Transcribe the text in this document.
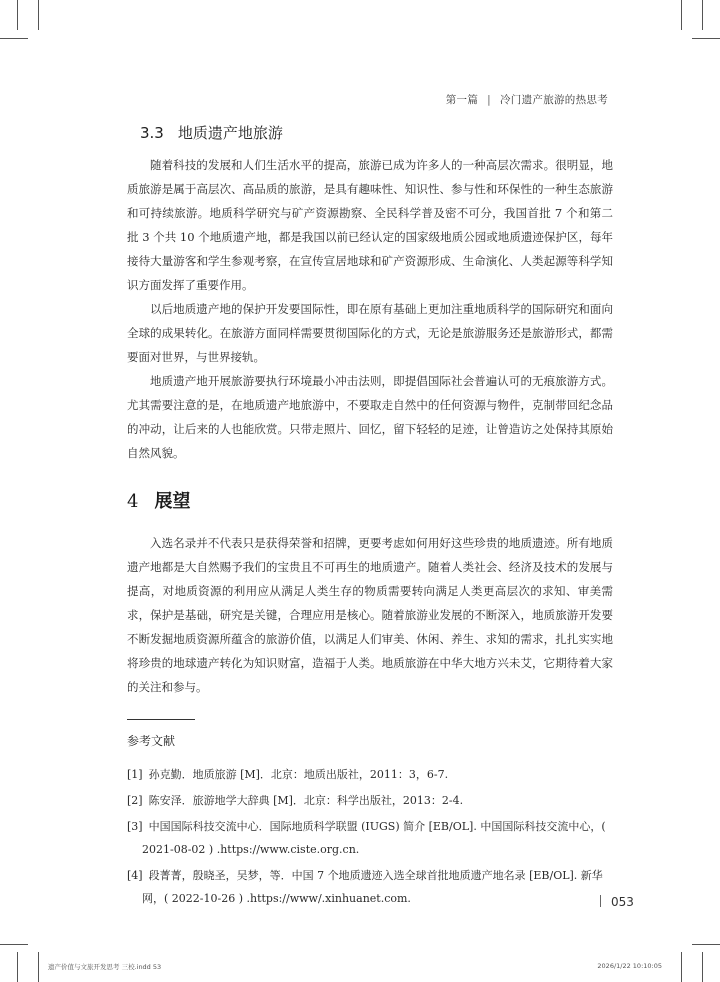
第一篇 | 冷门遗产旅游的热思考
3.3 地质遗产地旅游

随着科技的发展和人们生活水平的提高，旅游已成为许多人的一种高层次需求。很明显，地质旅游是属于高层次、高品质的旅游，是具有趣味性、知识性、参与性和环保性的一种生态旅游和可持续旅游。地质科学研究与矿产资源勘察、全民科学普及密不可分，我国首批 7 个和第二批 3 个共 10 个地质遗产地，都是我国以前已经认定的国家级地质公园或地质遗迹保护区，每年接待大量游客和学生参观考察，在宣传宣居地球和矿产资源形成、生命演化、人类起源等科学知识方面发挥了重要作用。

以后地质遗产地的保护开发要国际性，即在原有基础上更加注重地质科学的国际研究和面向全球的成果转化。在旅游方面同样需要贯彻国际化的方式，无论是旅游服务还是旅游形式，都需要面对世界，与世界接轨。

地质遗产地开展旅游要执行环境最小冲击法则，即提倡国际社会普遍认可的无痕旅游方式。尤其需要注意的是，在地质遗产地旅游中，不要取走自然中的任何资源与物件，克制带回纪念品的冲动，让后来的人也能欣赏。只带走照片、回忆，留下轻轻的足迹，让曾造访之处保持其原始自然风貌。

4 展望

入选名录并不代表只是获得荣誉和招牌，更要考虑如何用好这些珍贵的地质遗迹。所有地质遗产地都是大自然赐予我们的宝贵且不可再生的地质遗产。随着人类社会、经济及技术的发展与提高，对地质资源的利用应从满足人类生存的物质需要转向满足人类更高层次的求知、审美需求，保护是基础，研究是关键，合理应用是核心。随着旅游业发展的不断深入，地质旅游开发要不断发掘地质资源所蕴含的旅游价值，以满足人们审美、休闲、养生、求知的需求，扎扎实实地将珍贵的地球遗产转化为知识财富，造福于人类。地质旅游在中华大地方兴未艾，它期待着大家的关注和参与。

参考文献
[1] 孙克勤．地质旅游 [M]．北京：地质出版社，2011：3，6-7.
[2] 陈安泽．旅游地学大辞典 [M]．北京：科学出版社，2013：2-4.
[3] 中国国际科技交流中心．国际地质科学联盟 (IUGS) 简介 [EB/OL]. 中国国际科技交流中心，( 2021-08-02 ) .https://www.ciste.org.cn.
[4] 段菁菁，殷晓圣，吴梦，等．中国 7 个地质遗迹入选全球首批地质遗产地名录 [EB/OL]. 新华网，( 2022-10-26 ) .https://www/.xinhuanet.com.	053
遗产价值与文旅开发思考 三校.indd 53	2026/1/22 10:10:05
